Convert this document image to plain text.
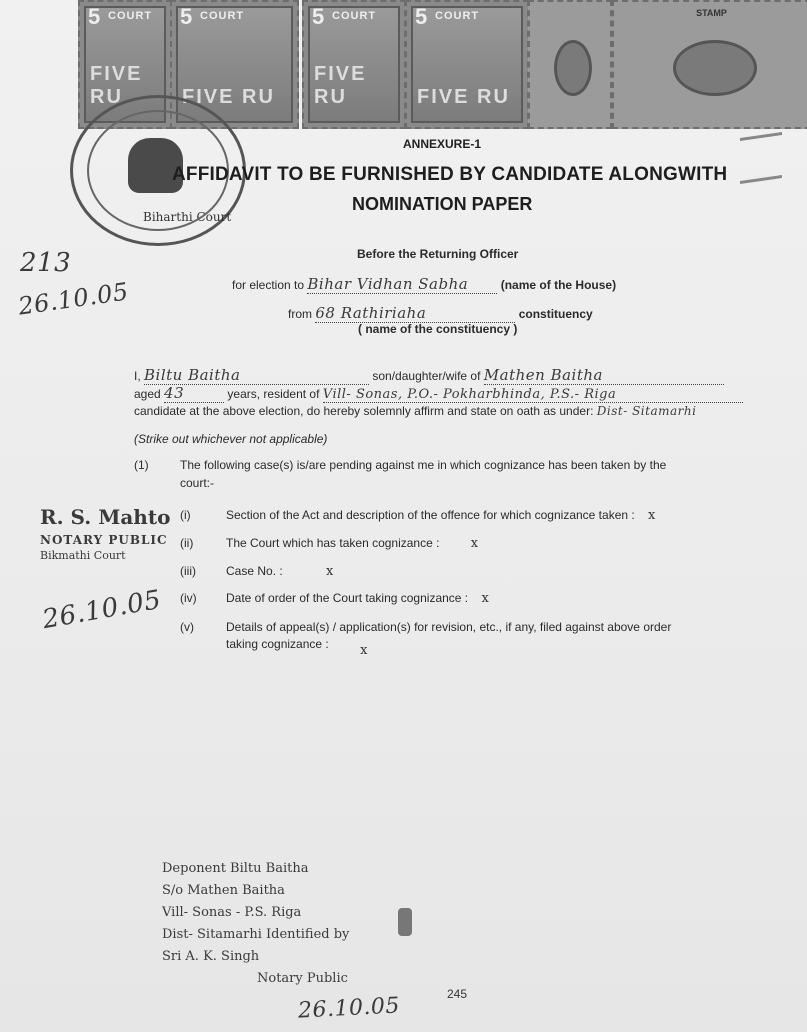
5 COURT
FIVE RU
5 COURT
FIVE RU
5 COURT
FIVE RU
5 COURT
FIVE RU
STAMP
Biharthi Court
ANNEXURE-1
AFFIDAVIT TO BE FURNISHED BY CANDIDATE ALONGWITH
NOMINATION PAPER
Before the Returning Officer
213
26.10.05	for election to Bihar Vidhan Sabha	(name of the House)
from 68 Rathiriaha	constituency
( name of the constituency )
I, Biltu Baitha	son/daughter/wife of Mathen Baitha
aged 43	years, resident of Vill- Sonas, P.O.- Pokharbhinda, P.S.- Riga
candidate at the above election, do hereby solemnly affirm and state on oath as under: Dist- Sitamarhi
(Strike out whichever not applicable)
(1)	The following case(s) is/are pending against me in which cognizance has been taken by the
court:-
(i)	Section of the Act and description of the offence for which cognizance taken : x
(ii)	The Court which has taken cognizance : x
(iii)	Case No. :	x
(iv) Date of order of the Court taking cognizance : x
(v)	Details of appeal(s) / application(s) for revision, etc., if any, filed against above order
taking cognizance : x
R. S. Mahto
NOTARY PUBLIC
Bikmathi Court
26.10.05
Deponent Biltu Baitha
S/o Mathen Baitha
Vill- Sonas - P.S. Riga
Dist- Sitamarhi Identified by
Sri A. K. Singh
Notary Public
26.10.05	245
